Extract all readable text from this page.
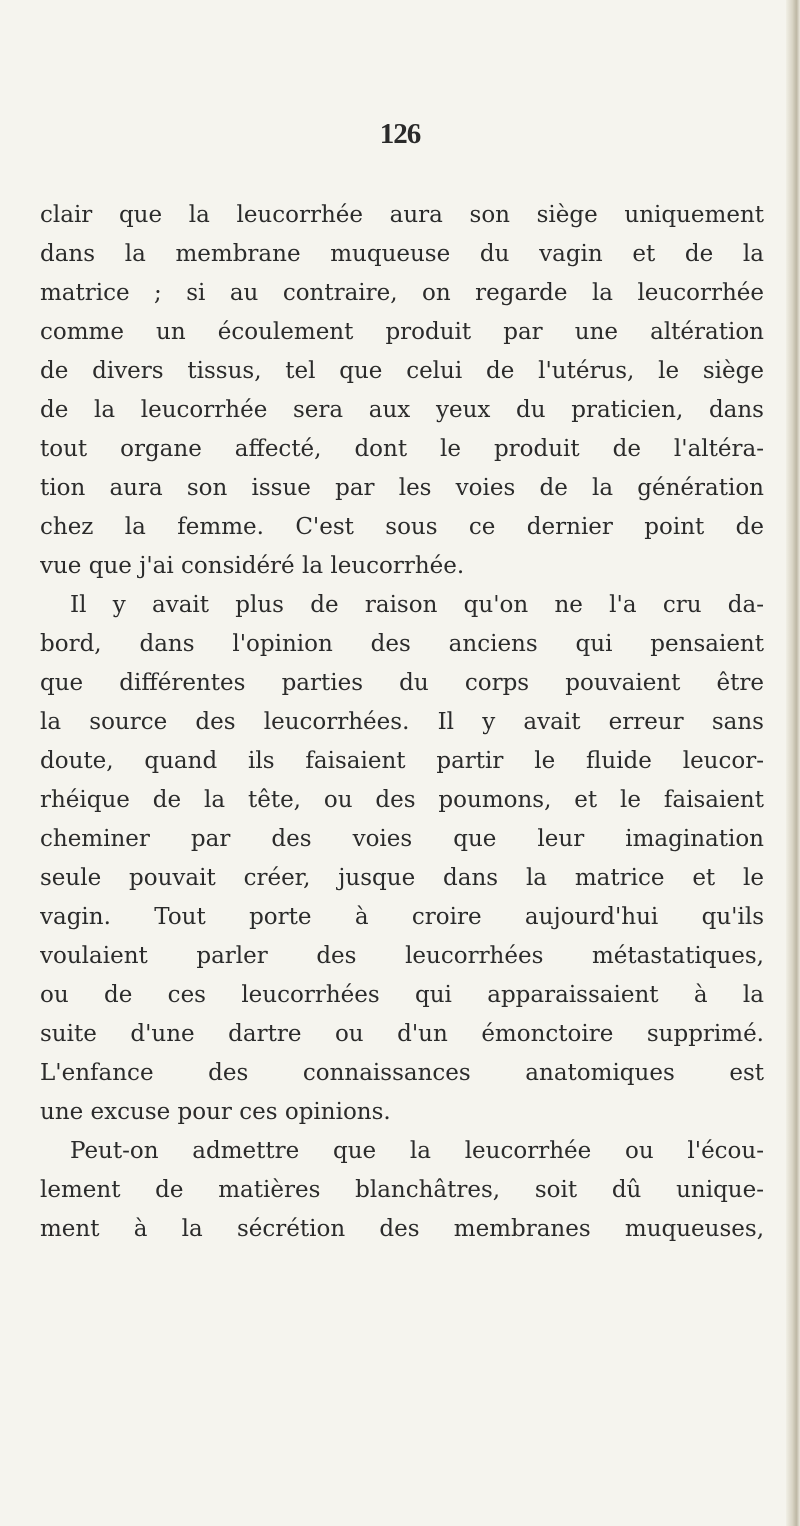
126
clair que la leucorrhée aura son siège uniquement
dans la membrane muqueuse du vagin et de la
matrice ; si au contraire, on regarde la leucorrhée
comme un écoulement produit par une altération
de divers tissus, tel que celui de l'utérus, le siège
de la leucorrhée sera aux yeux du praticien, dans
tout organe affecté, dont le produit de l'altéra-
tion aura son issue par les voies de la génération
chez la femme. C'est sous ce dernier point de
vue que j'ai considéré la leucorrhée.
Il y avait plus de raison qu'on ne l'a cru da-
bord, dans l'opinion des anciens qui pensaient
que différentes parties du corps pouvaient être
la source des leucorrhées. Il y avait erreur sans
doute, quand ils faisaient partir le fluide leucor-
rhéique de la tête, ou des poumons, et le faisaient
cheminer par des voies que leur imagination
seule pouvait créer, jusque dans la matrice et le
vagin. Tout porte à croire aujourd'hui qu'ils
voulaient parler des leucorrhées métastatiques,
ou de ces leucorrhées qui apparaissaient à la
suite d'une dartre ou d'un émonctoire supprimé.
L'enfance des connaissances anatomiques est
une excuse pour ces opinions.
Peut-on admettre que la leucorrhée ou l'écou-
lement de matières blanchâtres, soit dû unique-
ment à la sécrétion des membranes muqueuses,
